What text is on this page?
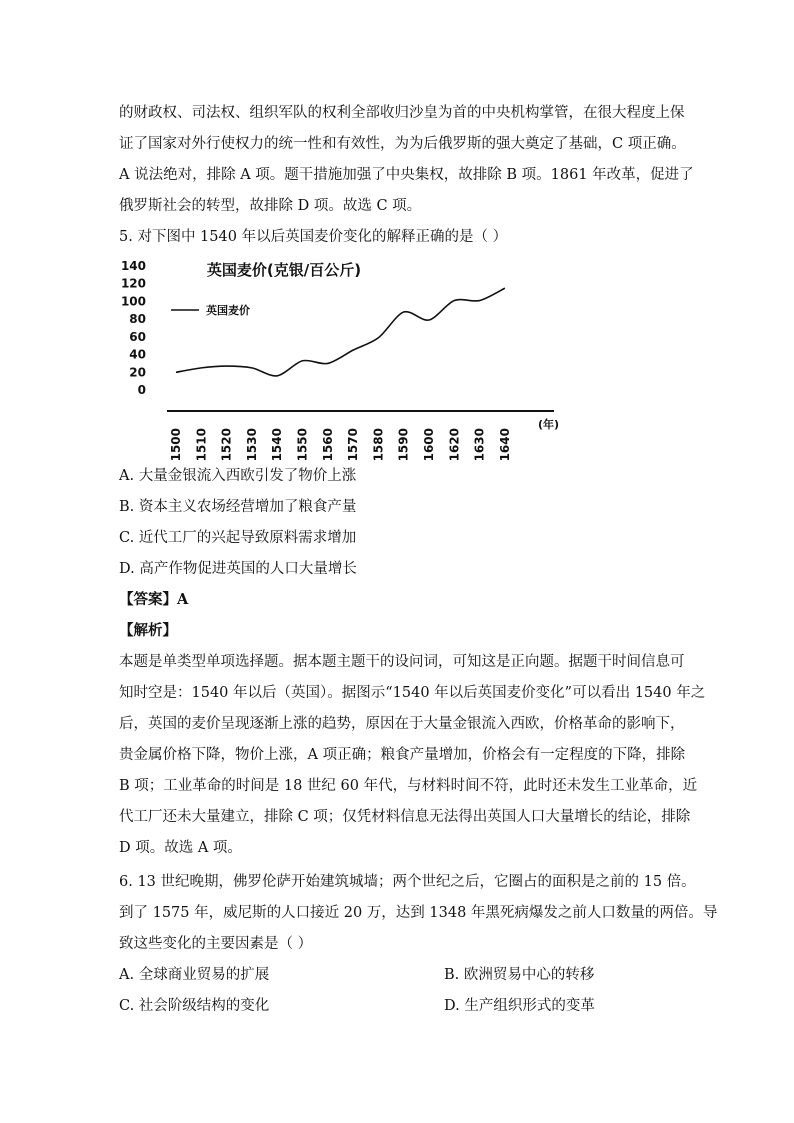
的财政权、司法权、组织军队的权利全部收归沙皇为首的中央机构掌管，在很大程度上保
证了国家对外行使权力的统一性和有效性，为为后俄罗斯的强大奠定了基础，C 项正确。
A 说法绝对，排除 A 项。题干措施加强了中央集权，故排除 B 项。1861 年改革，促进了
俄罗斯社会的转型，故排除 D 项。故选 C 项。
5. 对下图中 1540 年以后英国麦价变化的解释正确的是（ ）
0
20
40
60
80
100
120
140	英国麦价(克银/百公斤)
英国麦价
1500 1510 1520 1530 1540 1550 1560 1570 1580 1590 1600 1620 1630 1640
(年)
A. 大量金银流入西欧引发了物价上涨
B. 资本主义农场经营增加了粮食产量
C. 近代工厂的兴起导致原料需求增加
D. 高产作物促进英国的人口大量增长
【答案】A
【解析】
本题是单类型单项选择题。据本题主题干的设问词，可知这是正向题。据题干时间信息可
知时空是：1540 年以后（英国）。据图示“1540 年以后英国麦价变化”可以看出 1540 年之
后，英国的麦价呈现逐渐上涨的趋势，原因在于大量金银流入西欧，价格革命的影响下，
贵金属价格下降，物价上涨，A 项正确；粮食产量增加，价格会有一定程度的下降，排除
B 项；工业革命的时间是 18 世纪 60 年代，与材料时间不符，此时还未发生工业革命，近
代工厂还未大量建立，排除 C 项；仅凭材料信息无法得出英国人口大量增长的结论，排除
D 项。故选 A 项。
6. 13 世纪晚期，佛罗伦萨开始建筑城墙；两个世纪之后，它圈占的面积是之前的 15 倍。
到了 1575 年，威尼斯的人口接近 20 万，达到 1348 年黑死病爆发之前人口数量的两倍。导
致这些变化的主要因素是（ ）
A. 全球商业贸易的扩展	B. 欧洲贸易中心的转移
C. 社会阶级结构的变化	D. 生产组织形式的变革
